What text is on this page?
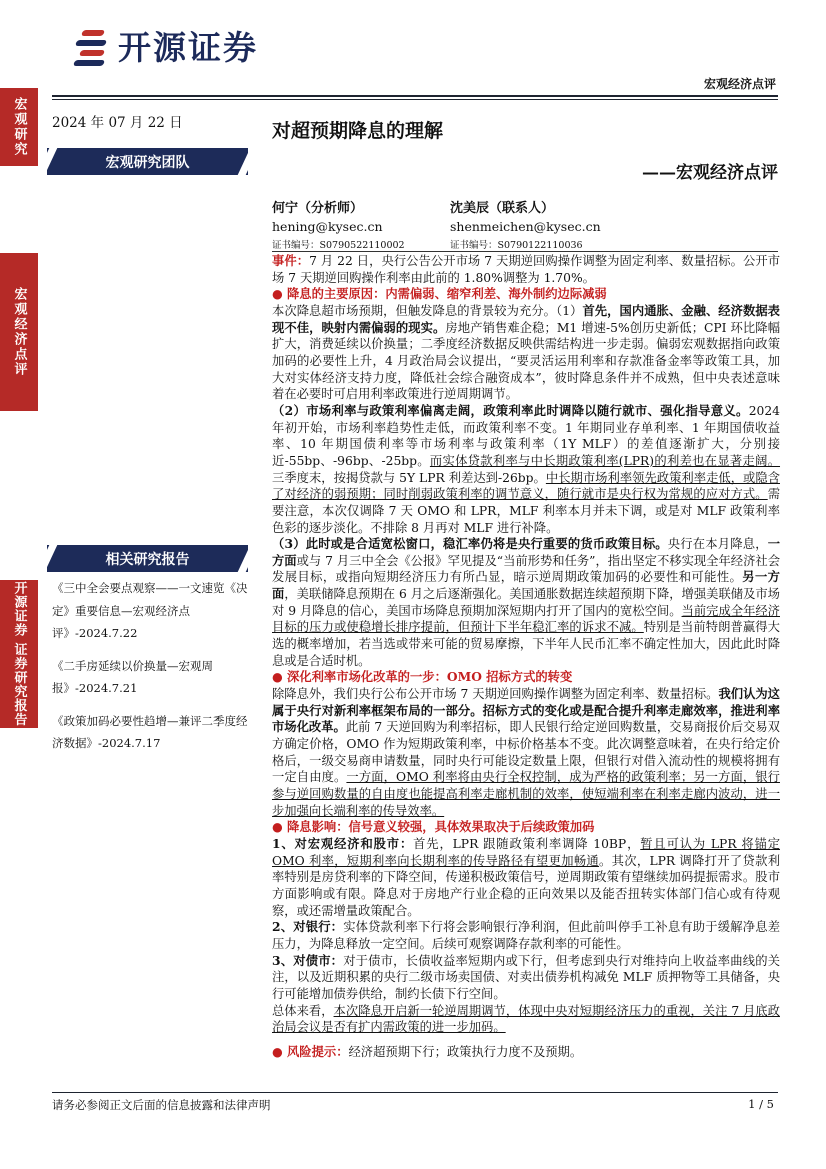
开源证券
宏观经济点评
宏观研究
宏观经济点评
开源证券 证券研究报告
2024 年 07 月 22 日	对超预期降息的理解
——宏观经济点评
宏观研究团队
何宁（分析师）
hening@kysec.cn
证书编号：S0790522110002
沈美辰（联系人）
shenmeichen@kysec.cn
证书编号：S0790122110036
相关研究报告
《三中全会要点观察——一文速览《决定》重要信息—宏观经济点评》-2024.7.22
《二手房延续以价换量—宏观周报》-2024.7.21
《政策加码必要性趋增—兼评二季度经济数据》-2024.7.17

事件：7 月 22 日，央行公告公开市场 7 天期逆回购操作调整为固定利率、数量招标。公开市场 7 天期逆回购操作利率由此前的 1.80%调整为 1.70%。

● 降息的主要原因：内需偏弱、缩窄利差、海外制约边际减弱

本次降息超市场预期，但触发降息的背景较为充分。（1）首先，国内通胀、金融、经济数据表现不佳，映射内需偏弱的现实。房地产销售难企稳；M1 增速-5%创历史新低；CPI 环比降幅扩大，消费延续以价换量；二季度经济数据反映供需结构进一步走弱。偏弱宏观数据指向政策加码的必要性上升，4 月政治局会议提出，“要灵活运用利率和存款准备金率等政策工具，加大对实体经济支持力度，降低社会综合融资成本”，彼时降息条件并不成熟，但中央表述意味着在必要时可启用利率政策进行逆周期调节。

（2）市场利率与政策利率偏离走阔，政策利率此时调降以随行就市、强化指导意义。2024 年初开始，市场利率趋势性走低，而政策利率不变。1 年期同业存单利率、1 年期国债收益率、10 年期国债利率等市场利率与政策利率（1Y MLF）的差值逐渐扩大，分别接近-55bp、-96bp、-25bp。而实体贷款利率与中长期政策利率(LPR)的利差也在显著走阔。三季度末，按揭贷款与 5Y LPR 利差达到-26bp。中长期市场利率领先政策利率走低，或隐含了对经济的弱预期；同时削弱政策利率的调节意义，随行就市是央行权为常规的应对方式。需要注意，本次仅调降 7 天 OMO 和 LPR，MLF 利率本月并未下调，或是对 MLF 政策利率色彩的逐步淡化。不排除 8 月再对 MLF 进行补降。

（3）此时或是合适宽松窗口，稳汇率仍将是央行重要的货币政策目标。央行在本月降息，一方面或与 7 月三中全会《公报》罕见提及“当前形势和任务”，指出坚定不移实现全年经济社会发展目标，或指向短期经济压力有所凸显，暗示逆周期政策加码的必要性和可能性。另一方面，美联储降息预期在 6 月之后逐渐强化。美国通胀数据连续超预期下降，增强美联储及市场对 9 月降息的信心，美国市场降息预期加深短期内打开了国内的宽松空间。当前完成全年经济目标的压力或使稳增长排序提前，但预计下半年稳汇率的诉求不减。特别是当前特朗普赢得大选的概率增加，若当选或带来可能的贸易摩擦，下半年人民币汇率不确定性加大，因此此时降息或是合适时机。

● 深化利率市场化改革的一步：OMO 招标方式的转变

除降息外，我们央行公布公开市场 7 天期逆回购操作调整为固定利率、数量招标。我们认为这属于央行对新利率框架布局的一部分。招标方式的变化或是配合提升利率走廊效率，推进利率市场化改革。此前 7 天逆回购为利率招标，即人民银行给定逆回购数量，交易商报价后交易双方确定价格，OMO 作为短期政策利率，中标价格基本不变。此次调整意味着，在央行给定价格后，一级交易商申请数量，同时央行可能设定数量上限，但银行对借入流动性的规模将拥有一定自由度。一方面，OMO 利率将由央行全权控制，成为严格的政策利率；另一方面，银行参与逆回购数量的自由度也能提高利率走廊机制的效率，使短端利率在利率走廊内波动，进一步加强向长端利率的传导效率。

● 降息影响：信号意义较强，具体效果取决于后续政策加码

1、对宏观经济和股市：首先，LPR 跟随政策利率调降 10BP，暂且可认为 LPR 将锚定 OMO 利率，短期利率向长期利率的传导路径有望更加畅通。其次，LPR 调降打开了贷款利率特别是房贷利率的下降空间，传递积极政策信号，逆周期政策有望继续加码提振需求。股市方面影响或有限。降息对于房地产行业企稳的正向效果以及能否扭转实体部门信心或有待观察，或还需增量政策配合。

2、对银行：实体贷款利率下行将会影响银行净利润，但此前叫停手工补息有助于缓解净息差压力，为降息释放一定空间。后续可观察调降存款利率的可能性。

3、对债市：对于债市，长债收益率短期内或下行，但考虑到央行对维持向上收益率曲线的关注，以及近期积累的央行二级市场卖国债、对卖出债券机构减免 MLF 质押物等工具储备，央行可能增加债券供给，制约长债下行空间。

总体来看，本次降息开启新一轮逆周期调节，体现中央对短期经济压力的重视，关注 7 月底政治局会议是否有扩内需政策的进一步加码。

● 风险提示：经济超预期下行；政策执行力度不及预期。

请务必参阅正文后面的信息披露和法律声明	1 / 5
